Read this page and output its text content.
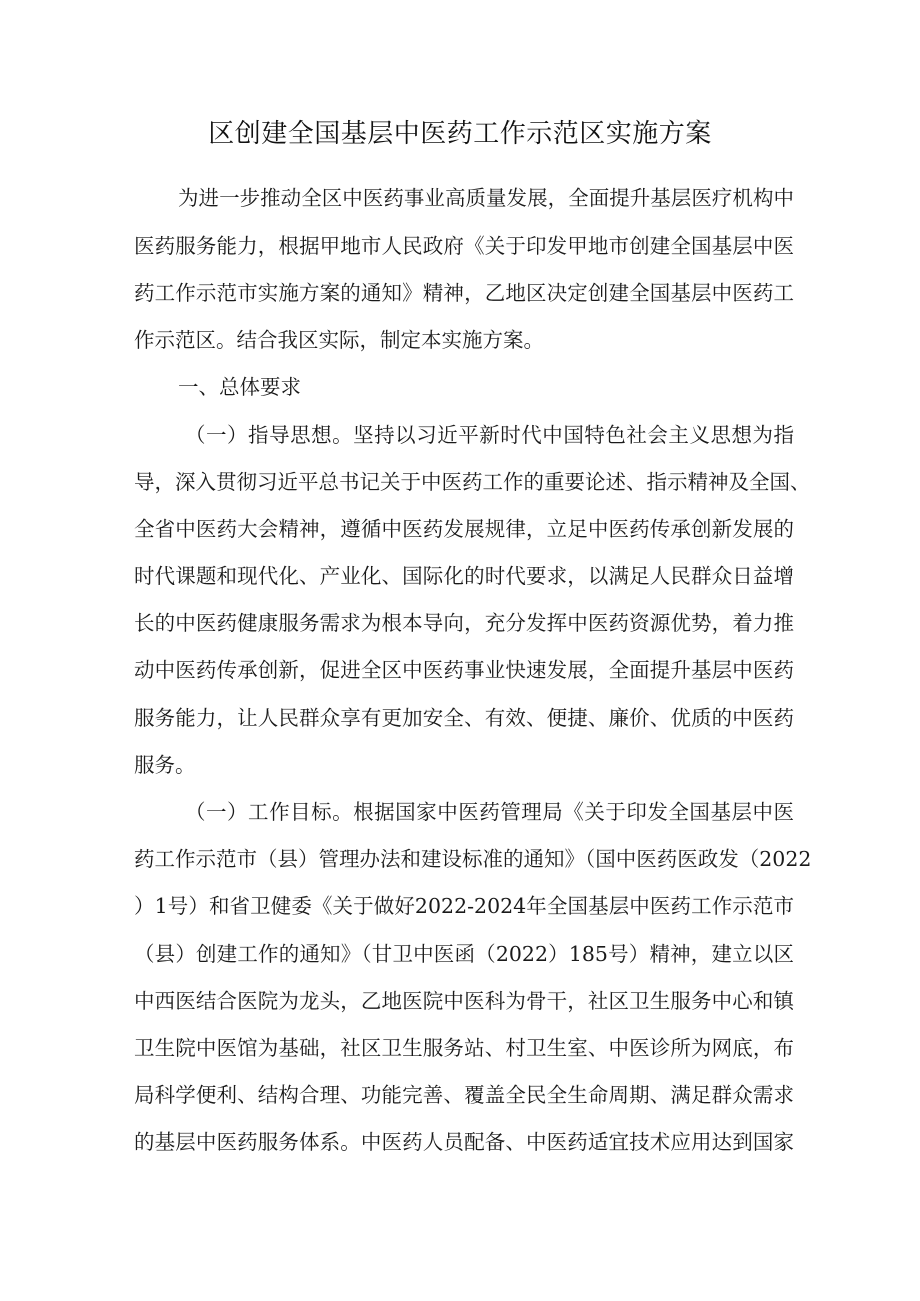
区创建全国基层中医药工作示范区实施方案
为进一步推动全区中医药事业高质量发展，全面提升基层医疗机构中
医药服务能力，根据甲地市人民政府《关于印发甲地市创建全国基层中医
药工作示范市实施方案的通知》精神，乙地区决定创建全国基层中医药工
作示范区。结合我区实际，制定本实施方案。
一、总体要求
（一）指导思想。坚持以习近平新时代中国特色社会主义思想为指
导，深入贯彻习近平总书记关于中医药工作的重要论述、指示精神及全国、
全省中医药大会精神，遵循中医药发展规律，立足中医药传承创新发展的
时代课题和现代化、产业化、国际化的时代要求，以满足人民群众日益增
长的中医药健康服务需求为根本导向，充分发挥中医药资源优势，着力推
动中医药传承创新，促进全区中医药事业快速发展，全面提升基层中医药
服务能力，让人民群众享有更加安全、有效、便捷、廉价、优质的中医药
服务。
（一）工作目标。根据国家中医药管理局《关于印发全国基层中医
药工作示范市（县）管理办法和建设标准的通知》（国中医药医政发（2022
）1号）和省卫健委《关于做好2022-2024年全国基层中医药工作示范市
（县）创建工作的通知》（甘卫中医函（2022）185号）精神，建立以区
中西医结合医院为龙头，乙地医院中医科为骨干，社区卫生服务中心和镇
卫生院中医馆为基础，社区卫生服务站、村卫生室、中医诊所为网底，布
局科学便利、结构合理、功能完善、覆盖全民全生命周期、满足群众需求
的基层中医药服务体系。中医药人员配备、中医药适宜技术应用达到国家
